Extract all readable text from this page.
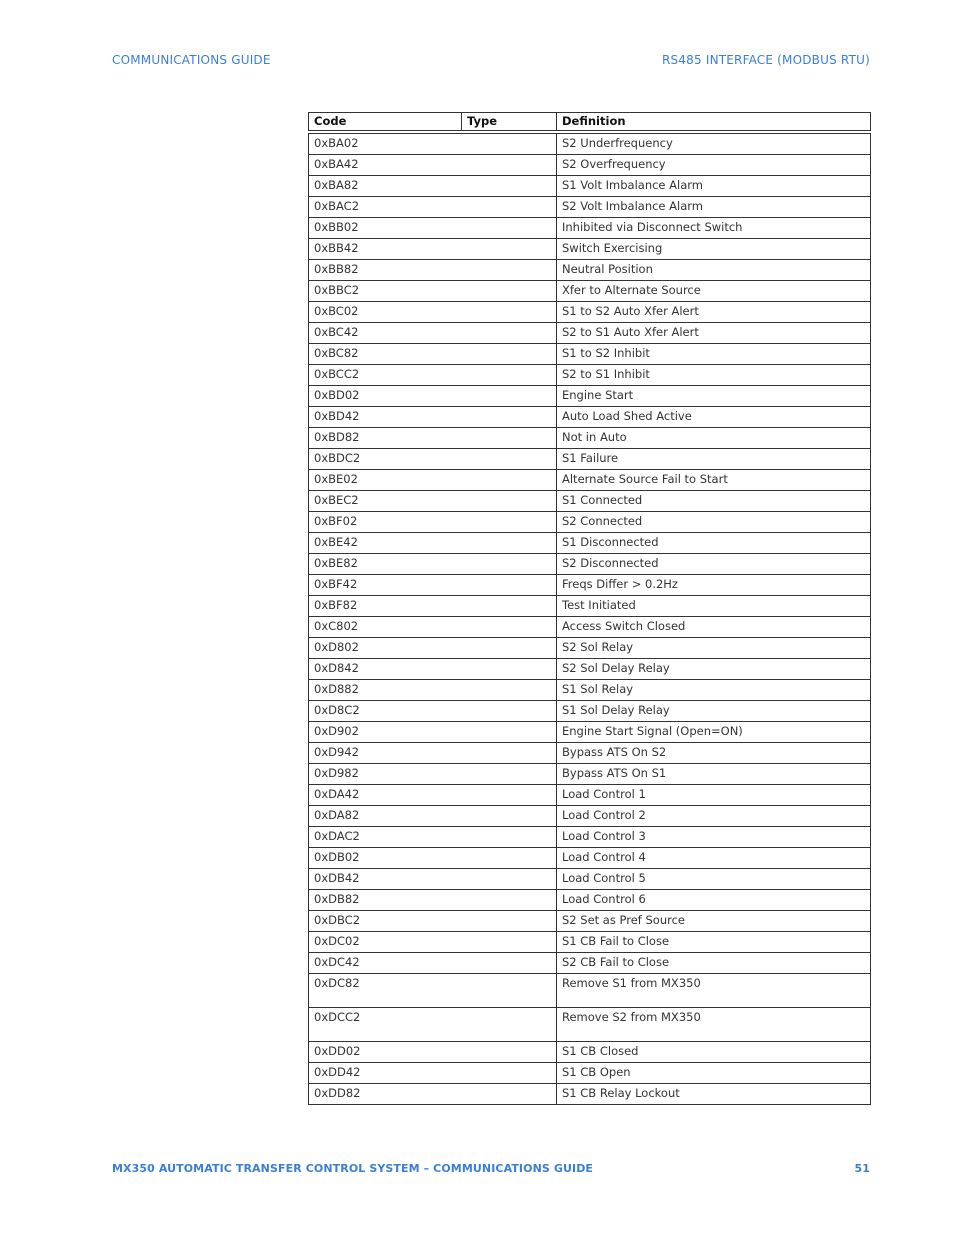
COMMUNICATIONS GUIDE	RS485 INTERFACE (MODBUS RTU)
Code	Type	Definition
0xBA02		S2 Underfrequency
0xBA42		S2 Overfrequency
0xBA82		S1 Volt Imbalance Alarm
0xBAC2		S2 Volt Imbalance Alarm
0xBB02		Inhibited via Disconnect Switch
0xBB42		Switch Exercising
0xBB82		Neutral Position
0xBBC2		Xfer to Alternate Source
0xBC02		S1 to S2 Auto Xfer Alert
0xBC42		S2 to S1 Auto Xfer Alert
0xBC82		S1 to S2 Inhibit
0xBCC2		S2 to S1 Inhibit
0xBD02		Engine Start
0xBD42		Auto Load Shed Active
0xBD82		Not in Auto
0xBDC2		S1 Failure
0xBE02		Alternate Source Fail to Start
0xBEC2		S1 Connected
0xBF02		S2 Connected
0xBE42		S1 Disconnected
0xBE82		S2 Disconnected
0xBF42		Freqs Differ > 0.2Hz
0xBF82		Test Initiated
0xC802		Access Switch Closed
0xD802		S2 Sol Relay
0xD842		S2 Sol Delay Relay
0xD882		S1 Sol Relay
0xD8C2		S1 Sol Delay Relay
0xD902		Engine Start Signal (Open=ON)
0xD942		Bypass ATS On S2
0xD982		Bypass ATS On S1
0xDA42		Load Control 1
0xDA82		Load Control 2
0xDAC2		Load Control 3
0xDB02		Load Control 4
0xDB42		Load Control 5
0xDB82		Load Control 6
0xDBC2		S2 Set as Pref Source
0xDC02		S1 CB Fail to Close
0xDC42		S2 CB Fail to Close
0xDC82		Remove S1 from MX350
0xDCC2		Remove S2 from MX350
0xDD02		S1 CB Closed
0xDD42		S1 CB Open
0xDD82		S1 CB Relay Lockout
MX350 AUTOMATIC TRANSFER CONTROL SYSTEM – COMMUNICATIONS GUIDE	51
